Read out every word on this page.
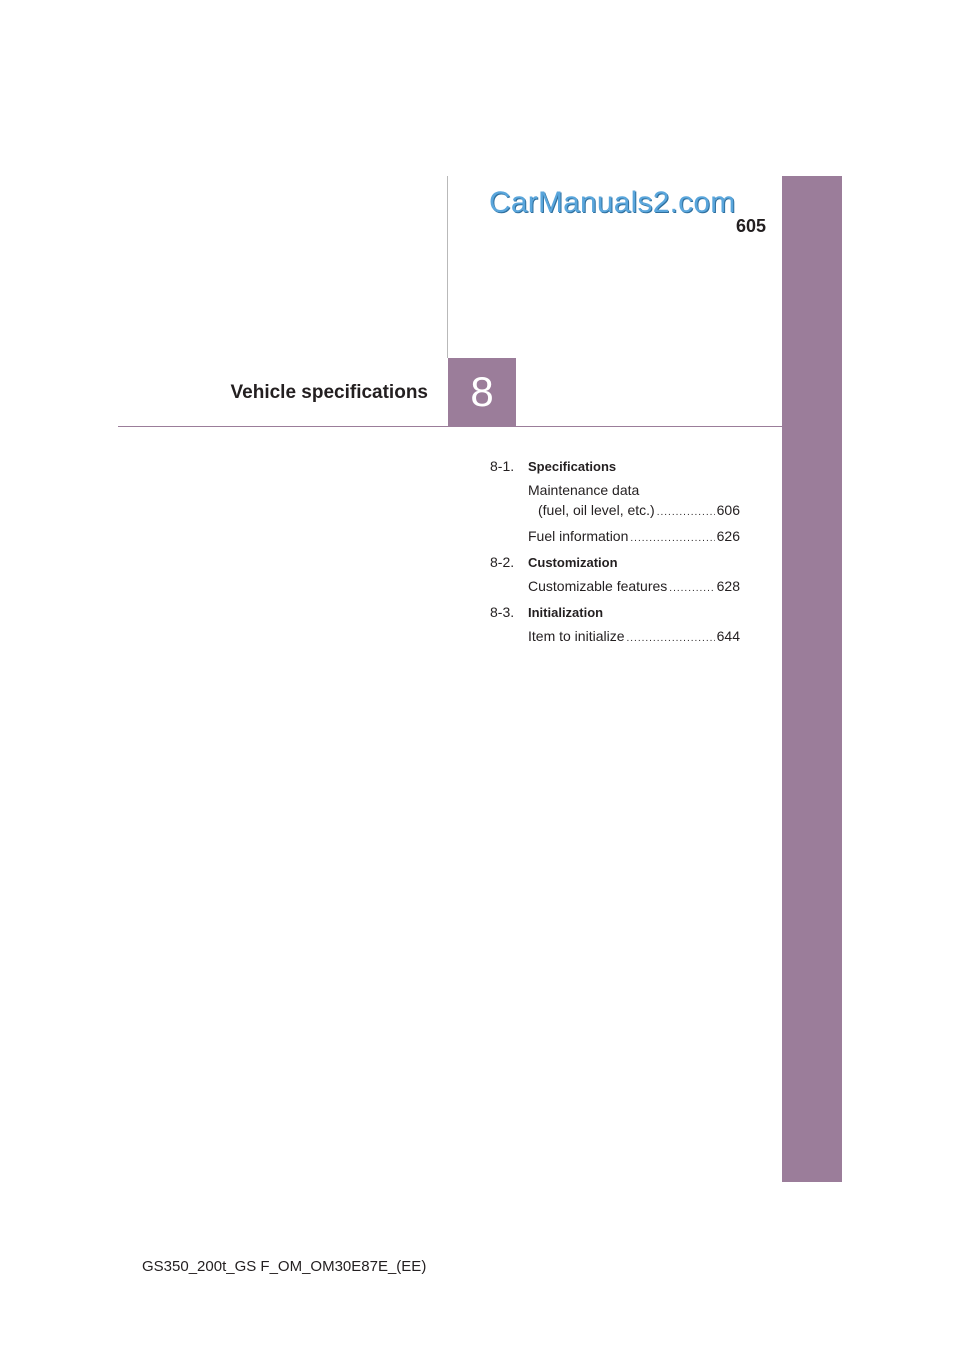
CarManuals2.com
605
Vehicle specifications 8
8-1.	Specifications
Maintenance data
(fuel, oil level, etc.) .....	606
Fuel information .....	626
8-2.	Customization
Customizable features .....	628
8-3.	Initialization
Item to initialize .....	644
GS350_200t_GS F_OM_OM30E87E_(EE)
